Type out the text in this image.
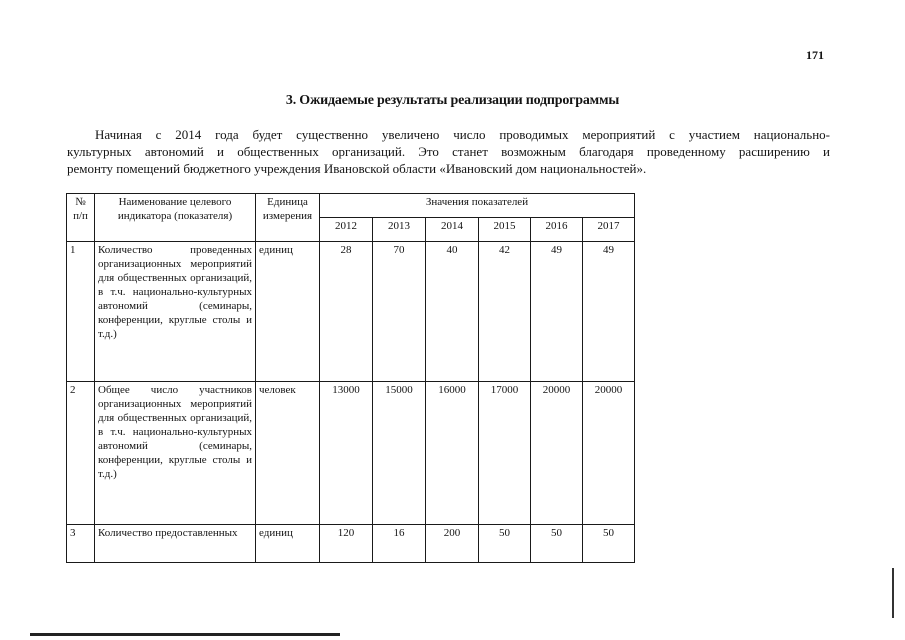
171
3. Ожидаемые результаты реализации подпрограммы

Начиная с 2014 года будет существенно увеличено число проводимых мероприятий с участием национально-
культурных автономий и общественных организаций. Это станет возможным благодаря проведенному расширению и
ремонту помещений бюджетного учреждения Ивановской области «Ивановский дом национальностей».

№ п/п	Наименование целевого индикатора (показателя)	Единица измерения	Значения показателей					
			2012	2013	2014	2015	2016	2017
1	Количество проведенных организационных мероприятий для общественных организаций, в т.ч. национально-культурных автономий (семинары, конференции, круглые столы и т.д.)	единиц	28	70	40	42	49	49
2	Общее число участников организационных мероприятий для общественных организаций, в т.ч. национально-культурных автономий (семинары, конференции, круглые столы и т.д.)	человек	13000	15000	16000	17000	20000	20000
3	Количество предоставленных	единиц	120	16	200	50	50	50
